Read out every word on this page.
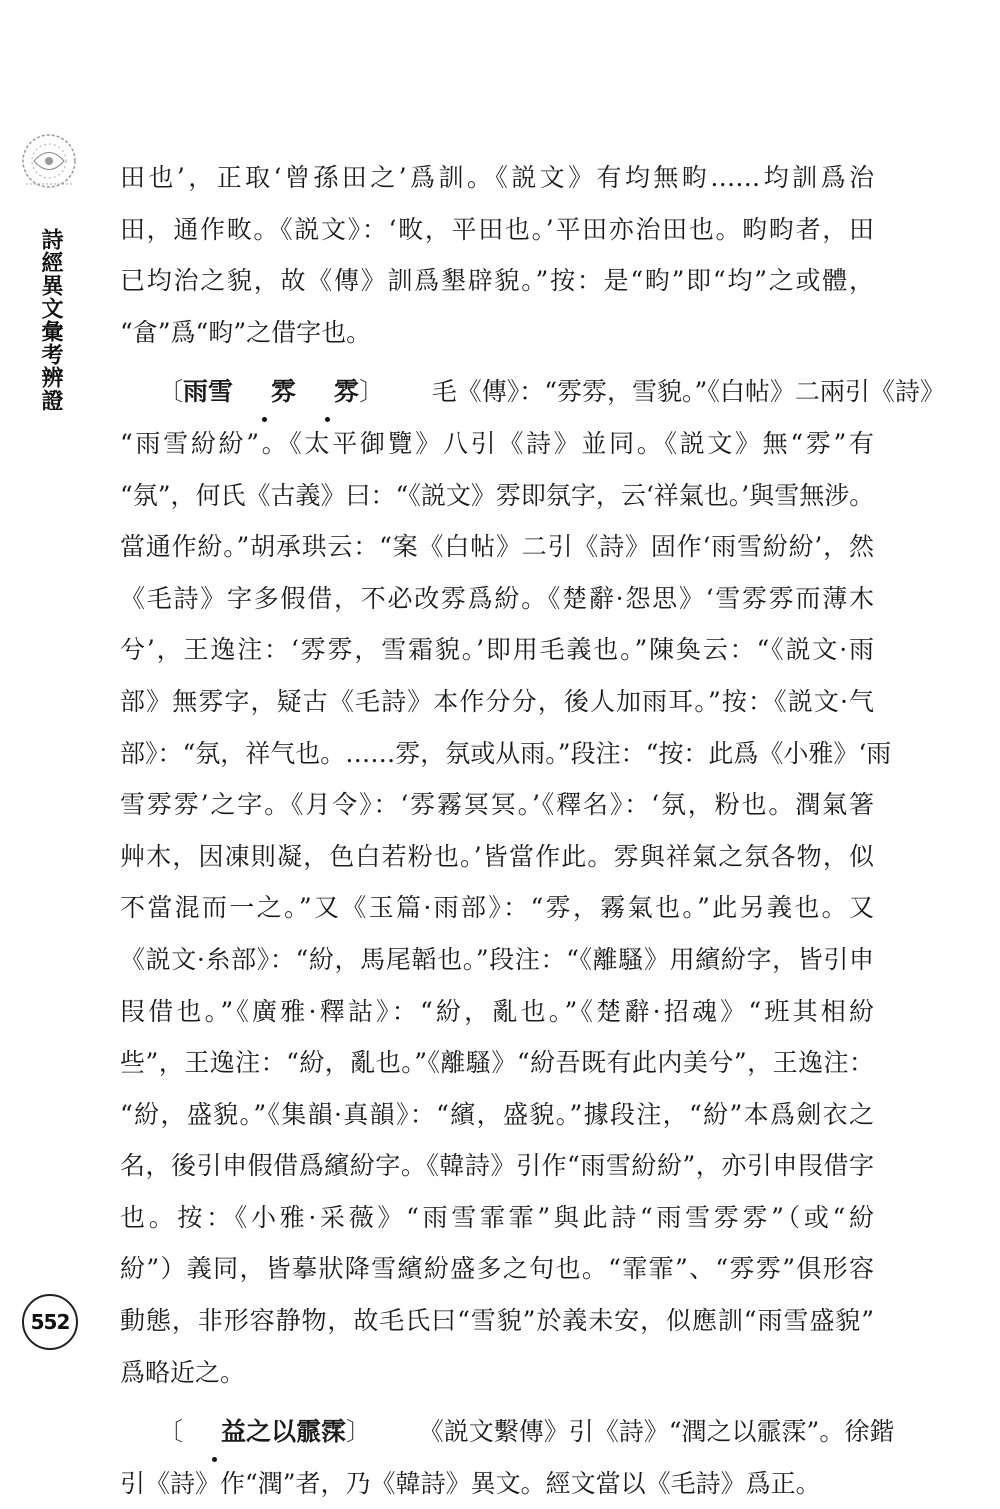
詩經異文彙考辨證
552
田也’，正取‘曾孫田之’爲訓。《説文》有均無畇……均訓爲治
田，通作畋。《説文》：‘畋，平田也。’平田亦治田也。畇畇者，田
已均治之貌，故《傳》訓爲墾辟貌。”按：是“畇”即“均”之或體，
“畣”爲“畇”之借字也。
〔雨雪 雰 雰〕 毛《傳》：“雰雰，雪貌。”《白帖》二兩引《詩》
“雨雪紛紛”。《太平御覽》八引《詩》並同。《説文》無“雰”有
“氛”，何氏《古義》曰：“《説文》雰即氛字，云‘祥氣也。’與雪無涉。
當通作紛。”胡承珙云：“案《白帖》二引《詩》固作‘雨雪紛紛’，然
《毛詩》字多假借，不必改雰爲紛。《楚辭·怨思》‘雪雰雰而薄木
兮’，王逸注：‘雰雰，雪霜貌。’即用毛義也。”陳奐云：“《説文·雨
部》無雰字，疑古《毛詩》本作分分，後人加雨耳。”按：《説文·气
部》：“氛，祥气也。……雰，氛或从雨。”段注：“按：此爲《小雅》‘雨
雪雰雰’之字。《月令》：‘雰霧冥冥。’《釋名》：‘氛，粉也。潤氣箸
艸木，因凍則凝，色白若粉也。’皆當作此。雰與祥氣之氛各物，似
不當混而一之。”又《玉篇·雨部》：“雰，霧氣也。”此另義也。又
《説文·糸部》：“紛，馬尾韜也。”段注：“《離騷》用繽紛字，皆引申
叚借也。”《廣雅·釋詁》：“紛，亂也。”《楚辭·招魂》“班其相紛
些”，王逸注：“紛，亂也。”《離騷》“紛吾既有此内美兮”，王逸注：
“紛，盛貌。”《集韻·真韻》：“繽，盛貌。”據段注，“紛”本爲劍衣之
名，後引申假借爲繽紛字。《韓詩》引作“雨雪紛紛”，亦引申叚借字
也。按：《小雅·采薇》“雨雪霏霏”與此詩“雨雪雰雰”（或“紛
紛”）義同，皆摹狀降雪繽紛盛多之句也。“霏霏”、“雰雰”俱形容
動態，非形容静物，故毛氏曰“雪貌”於義未安，似應訓“雨雪盛貌”
爲略近之。
〔 益之以霢霂〕 《説文繫傳》引《詩》“潤之以霢霂”。徐鍇
引《詩》作“潤”者，乃《韓詩》異文。經文當以《毛詩》爲正。
